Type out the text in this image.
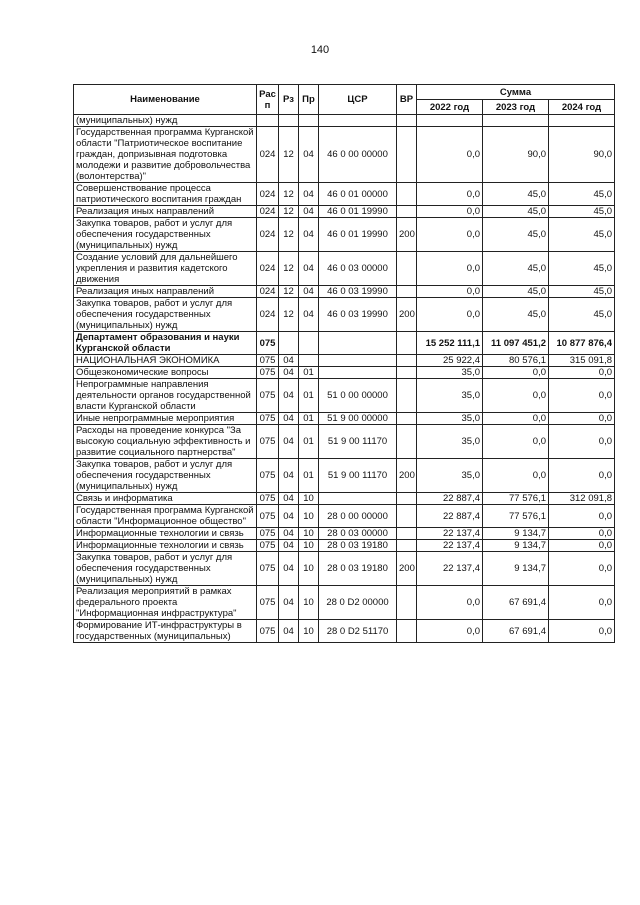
140
Наименование	Рас п	Рз	Пр	ЦСР	ВР	Сумма		
						2022 год	2023 год	2024 год
(муниципальных) нужд								
Государственная программа Курганской области "Патриотическое воспитание граждан, допризывная подготовка молодежи и развитие добровольчества (волонтерства)"	024	12	04	46 0 00 00000		0,0	90,0	90,0
Совершенствование процесса патриотического воспитания граждан	024	12	04	46 0 01 00000		0,0	45,0	45,0
Реализация иных направлений	024	12	04	46 0 01 19990		0,0	45,0	45,0
Закупка товаров, работ и услуг для обеспечения государственных (муниципальных) нужд	024	12	04	46 0 01 19990	200	0,0	45,0	45,0
Создание условий для дальнейшего укрепления и развития кадетского движения	024	12	04	46 0 03 00000		0,0	45,0	45,0
Реализация иных направлений	024	12	04	46 0 03 19990		0,0	45,0	45,0
Закупка товаров, работ и услуг для обеспечения государственных (муниципальных) нужд	024	12	04	46 0 03 19990	200	0,0	45,0	45,0
Департамент образования и науки Курганской области	075					15 252 111,1	11 097 451,2	10 877 876,4
НАЦИОНАЛЬНАЯ ЭКОНОМИКА	075	04				25 922,4	80 576,1	315 091,8
Общеэкономические вопросы	075	04	01			35,0	0,0	0,0
Непрограммные направления деятельности органов государственной власти Курганской области	075	04	01	51 0 00 00000		35,0	0,0	0,0
Иные непрограммные мероприятия	075	04	01	51 9 00 00000		35,0	0,0	0,0
Расходы на проведение конкурса "За высокую социальную эффективность и развитие социального партнерства"	075	04	01	51 9 00 11170		35,0	0,0	0,0
Закупка товаров, работ и услуг для обеспечения государственных (муниципальных) нужд	075	04	01	51 9 00 11170	200	35,0	0,0	0,0
Связь и информатика	075	04	10			22 887,4	77 576,1	312 091,8
Государственная программа Курганской области "Информационное общество"	075	04	10	28 0 00 00000		22 887,4	77 576,1	0,0
Информационные технологии и связь	075	04	10	28 0 03 00000		22 137,4	9 134,7	0,0
Информационные технологии и связь	075	04	10	28 0 03 19180		22 137,4	9 134,7	0,0
Закупка товаров, работ и услуг для обеспечения государственных (муниципальных) нужд	075	04	10	28 0 03 19180	200	22 137,4	9 134,7	0,0
Реализация мероприятий в рамках федерального проекта "Информационная инфраструктура"	075	04	10	28 0 D2 00000		0,0	67 691,4	0,0
Формирование ИТ-инфраструктуры в государственных (муниципальных)	075	04	10	28 0 D2 51170		0,0	67 691,4	0,0
